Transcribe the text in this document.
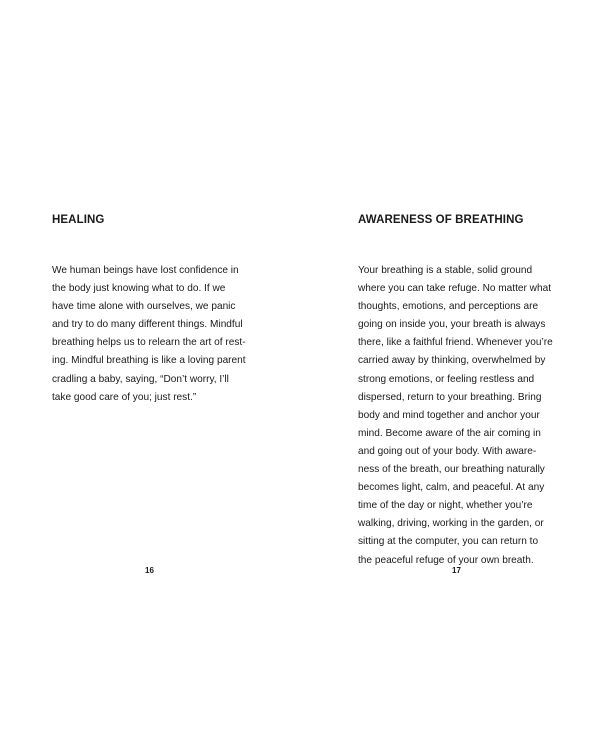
HEALING

We human beings have lost confidence in
the body just knowing what to do. If we
have time alone with ourselves, we panic
and try to do many different things. Mindful
breathing helps us to relearn the art of rest-
ing. Mindful breathing is like a loving parent
cradling a baby, saying, “Don’t worry, I’ll
take good care of you; just rest.”

16
AWARENESS OF BREATHING

Your breathing is a stable, solid ground
where you can take refuge. No matter what
thoughts, emotions, and perceptions are
going on inside you, your breath is always
there, like a faithful friend. Whenever you’re
carried away by thinking, overwhelmed by
strong emotions, or feeling restless and
dispersed, return to your breathing. Bring
body and mind together and anchor your
mind. Become aware of the air coming in
and going out of your body. With aware-
ness of the breath, our breathing naturally
becomes light, calm, and peaceful. At any
time of the day or night, whether you’re
walking, driving, working in the garden, or
sitting at the computer, you can return to
the peaceful refuge of your own breath.

17
